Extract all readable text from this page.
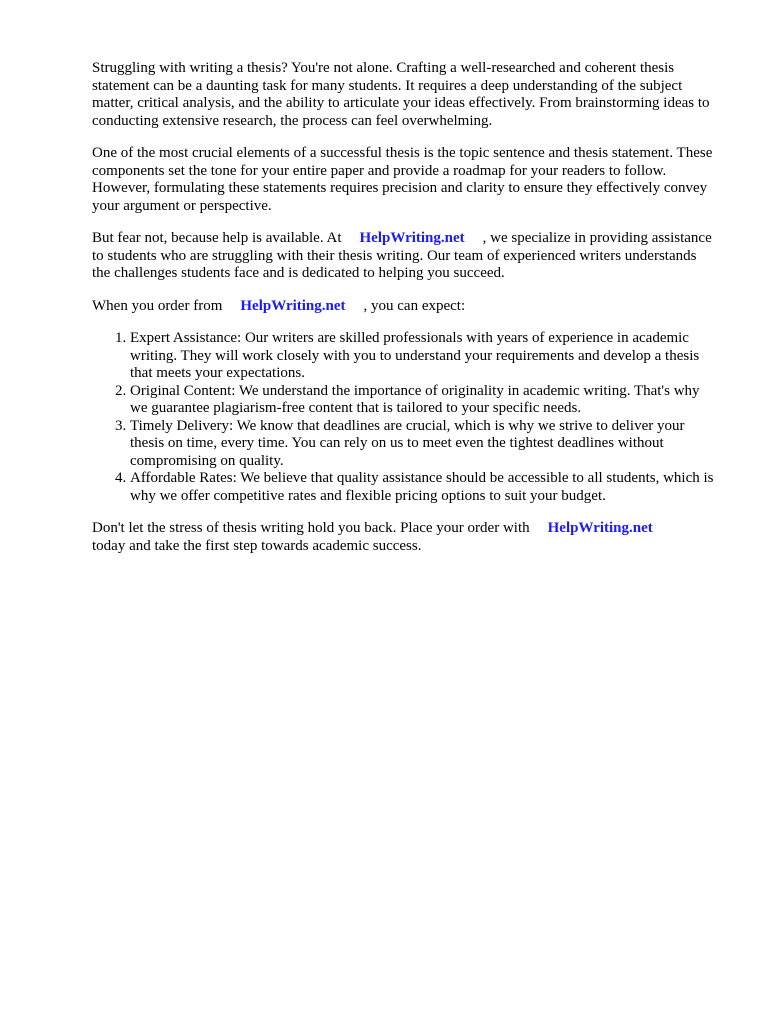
Struggling with writing a thesis? You're not alone. Crafting a well-researched and coherent thesis statement can be a daunting task for many students. It requires a deep understanding of the subject matter, critical analysis, and the ability to articulate your ideas effectively. From brainstorming ideas to conducting extensive research, the process can feel overwhelming.

One of the most crucial elements of a successful thesis is the topic sentence and thesis statement. These components set the tone for your entire paper and provide a roadmap for your readers to follow. However, formulating these statements requires precision and clarity to ensure they effectively convey your argument or perspective.

But fear not, because help is available. At HelpWriting.net , we specialize in providing assistance to students who are struggling with their thesis writing. Our team of experienced writers understands the challenges students face and is dedicated to helping you succeed.

When you order from HelpWriting.net , you can expect:

1. Expert Assistance: Our writers are skilled professionals with years of experience in academic writing. They will work closely with you to understand your requirements and develop a thesis that meets your expectations.
2. Original Content: We understand the importance of originality in academic writing. That's why we guarantee plagiarism-free content that is tailored to your specific needs.
3. Timely Delivery: We know that deadlines are crucial, which is why we strive to deliver your thesis on time, every time. You can rely on us to meet even the tightest deadlines without compromising on quality.
4. Affordable Rates: We believe that quality assistance should be accessible to all students, which is why we offer competitive rates and flexible pricing options to suit your budget.

Don't let the stress of thesis writing hold you back. Place your order with HelpWriting.net
today and take the first step towards academic success.
